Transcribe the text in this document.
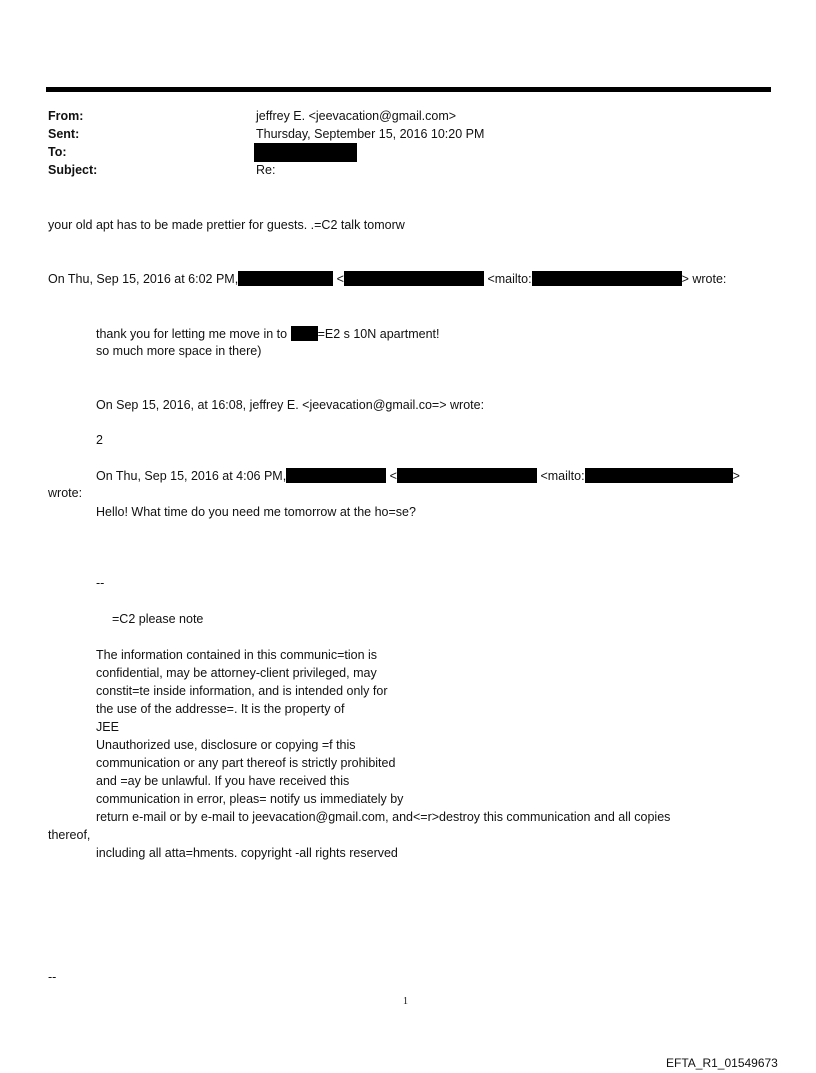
From:	jeffrey E. <jeevacation@gmail.com>
Sent:	Thursday, September 15, 2016 10:20 PM
To:
Subject:	Re:
your old apt has to be made prettier for guests. .=C2 talk tomorw
On Thu, Sep 15, 2016 at 6:02 PM,	<	<mailto:	> wrote:
thank you for letting me move in to =E2 s 10N apartment!
so much more space in there)
On Sep 15, 2016, at 16:08, jeffrey E. <jeevacation@gmail.co=> wrote:
2
On Thu, Sep 15, 2016 at 4:06 PM,	<	<mailto:	>
wrote:
Hello! What time do you need me tomorrow at the ho=se?
--
=C2 please note
The information contained in this communic=tion is
confidential, may be attorney-client privileged, may
constit=te inside information, and is intended only for
the use of the addresse=. It is the property of
JEE
Unauthorized use, disclosure or copying =f this
communication or any part thereof is strictly prohibited
and =ay be unlawful. If you have received this
communication in error, pleas= notify us immediately by
return e-mail or by e-mail to jeevacation@gmail.com, and<=r>destroy this communication and all copies
thereof,
including all atta=hments. copyright -all rights reserved
--
1
EFTA_R1_01549673
